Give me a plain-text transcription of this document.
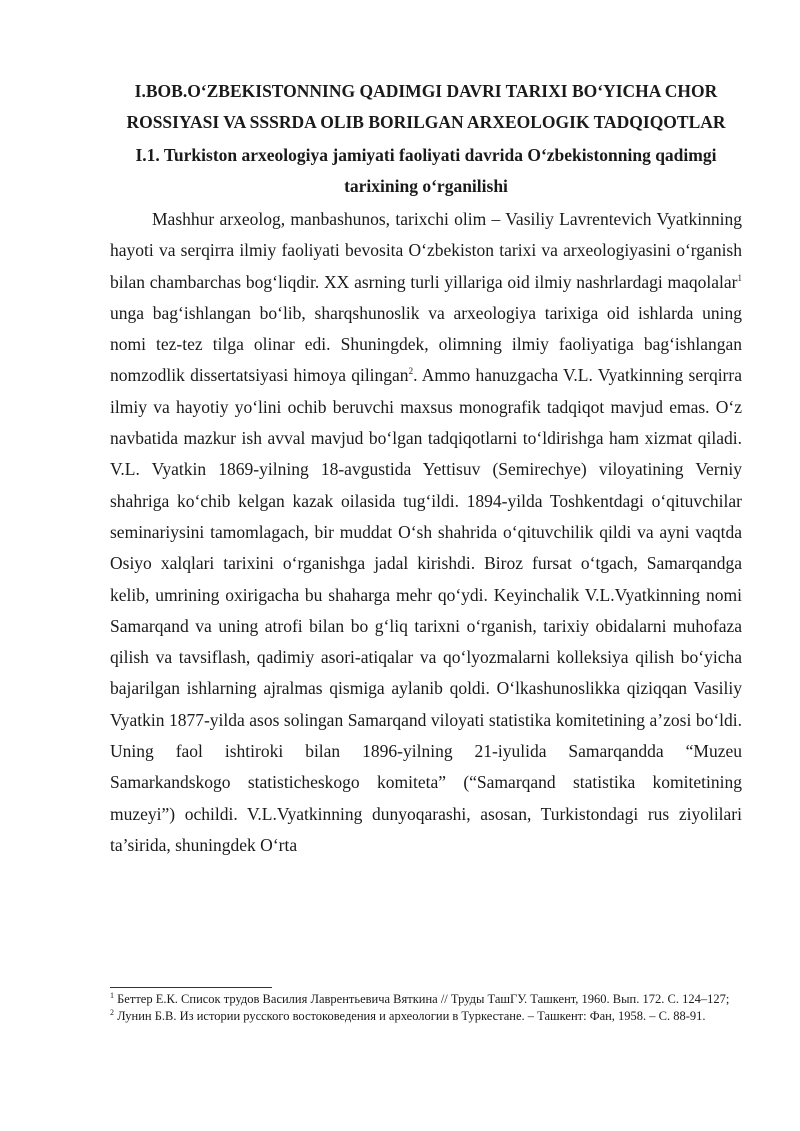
I.BOB.O‘ZBEKISTONNING QADIMGI DAVRI TARIXI BO‘YICHA CHOR ROSSIYASI VA SSSRDA OLIB BORILGAN ARXEOLOGIK TADQIQOTLAR
I.1. Turkiston arxeologiya jamiyati faoliyati davrida O‘zbekistonning qadimgi tarixining o‘rganilishi

Mashhur arxeolog, manbashunos, tarixchi olim – Vasiliy Lavrentevich Vyatkinning hayoti va serqirra ilmiy faoliyati bevosita O‘zbekiston tarixi va arxeologiyasini o‘rganish bilan chambarchas bog‘liqdir. XX asrning turli yillariga oid ilmiy nashrlardagi maqolalar$^1$ unga bag‘ishlangan bo‘lib, sharqshunoslik va arxeologiya tarixiga oid ishlarda uning nomi tez-tez tilga olinar edi. Shuningdek, olimning ilmiy faoliyatiga bag‘ishlangan nomzodlik dissertatsiyasi himoya qilingan$^2$. Ammo hanuzgacha V.L. Vyatkinning serqirra ilmiy va hayotiy yo‘lini ochib beruvchi maxsus monografik tadqiqot mavjud emas. O‘z navbatida mazkur ish avval mavjud bo‘lgan tadqiqotlarni to‘ldirishga ham xizmat qiladi. V.L. Vyatkin 1869-yilning 18-avgustida Yettisuv (Semirechye) viloyatining Verniy shahriga ko‘chib kelgan kazak oilasida tug‘ildi. 1894-yilda Toshkentdagi o‘qituvchilar seminariysini tamomlagach, bir muddat O‘sh shahrida o‘qituvchilik qildi va ayni vaqtda Osiyo xalqlari tarixini o‘rganishga jadal kirishdi. Biroz fursat o‘tgach, Samarqandga kelib, umrining oxirigacha bu shaharga mehr qo‘ydi. Keyinchalik V.L.Vyatkinning nomi Samarqand va uning atrofi bilan bo g‘liq tarixni o‘rganish, tarixiy obidalarni muhofaza qilish va tavsiflash, qadimiy asori-atiqalar va qo‘lyozmalarni kolleksiya qilish bo‘yicha bajarilgan ishlarning ajralmas qismiga aylanib qoldi. O‘lkashunoslikka qiziqqan Vasiliy Vyatkin 1877-yilda asos solingan Samarqand viloyati statistika komitetining a’zosi bo‘ldi. Uning faol ishtiroki bilan 1896-yilning 21-iyulida Samarqandda “Muzeu Samarkandskogo statisticheskogo komiteta” (“Samarqand statistika komitetining muzeyi”) ochildi. V.L.Vyatkinning dunyoqarashi, asosan, Turkistondagi rus ziyolilari ta’sirida, shuningdek O‘rta

$^1$ Беттер Е.К. Список трудов Василия Лаврентьевича Вяткина // Труды ТашГУ. Ташкент, 1960. Вып. 172. С. 124–127;

$^2$ Лунин Б.В. Из истории русского востоковедения и археологии в Туркестане. – Ташкент: Фан, 1958. – С. 88-91.
